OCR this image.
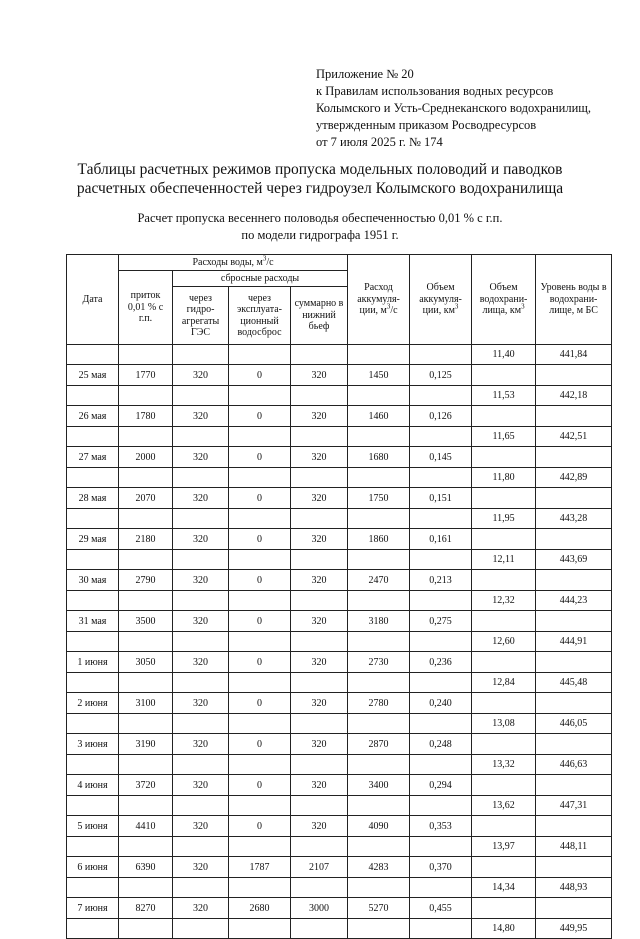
Приложение № 20
к Правилам использования водных ресурсов
Колымского и Усть-Среднеканского водохранилищ,
утвержденным приказом Росводресурсов
от 7 июля 2025 г. № 174
Таблицы расчетных режимов пропуска модельных половодий и паводков
расчетных обеспеченностей через гидроузел Колымского водохранилища
Расчет пропуска весеннего половодья обеспеченностью 0,01 % с г.п.
по модели гидрографа 1951 г.
Дата	Расходы воды, $м^3/с$				Расход аккумуля-ции, $м^3/с$	Объем аккумуля-ции, $км^3$	Объем водохрани-лища, $км^3$	Уровень воды в водохрани-лище, м БС
	приток 0,01 % с г.п.	сбросные расходы						
		через гидро-агрегаты ГЭС	через эксплуата-ционный водосброс	суммарно в нижний бьеф				
							11,40	441,84
25 мая	1770	320	0	320	1450	0,125		
							11,53	442,18
26 мая	1780	320	0	320	1460	0,126		
							11,65	442,51
27 мая	2000	320	0	320	1680	0,145		
							11,80	442,89
28 мая	2070	320	0	320	1750	0,151		
							11,95	443,28
29 мая	2180	320	0	320	1860	0,161		
							12,11	443,69
30 мая	2790	320	0	320	2470	0,213		
							12,32	444,23
31 мая	3500	320	0	320	3180	0,275		
							12,60	444,91
1 июня	3050	320	0	320	2730	0,236		
							12,84	445,48
2 июня	3100	320	0	320	2780	0,240		
							13,08	446,05
3 июня	3190	320	0	320	2870	0,248		
							13,32	446,63
4 июня	3720	320	0	320	3400	0,294		
							13,62	447,31
5 июня	4410	320	0	320	4090	0,353		
							13,97	448,11
6 июня	6390	320	1787	2107	4283	0,370		
							14,34	448,93
7 июня	8270	320	2680	3000	5270	0,455		
							14,80	449,95
